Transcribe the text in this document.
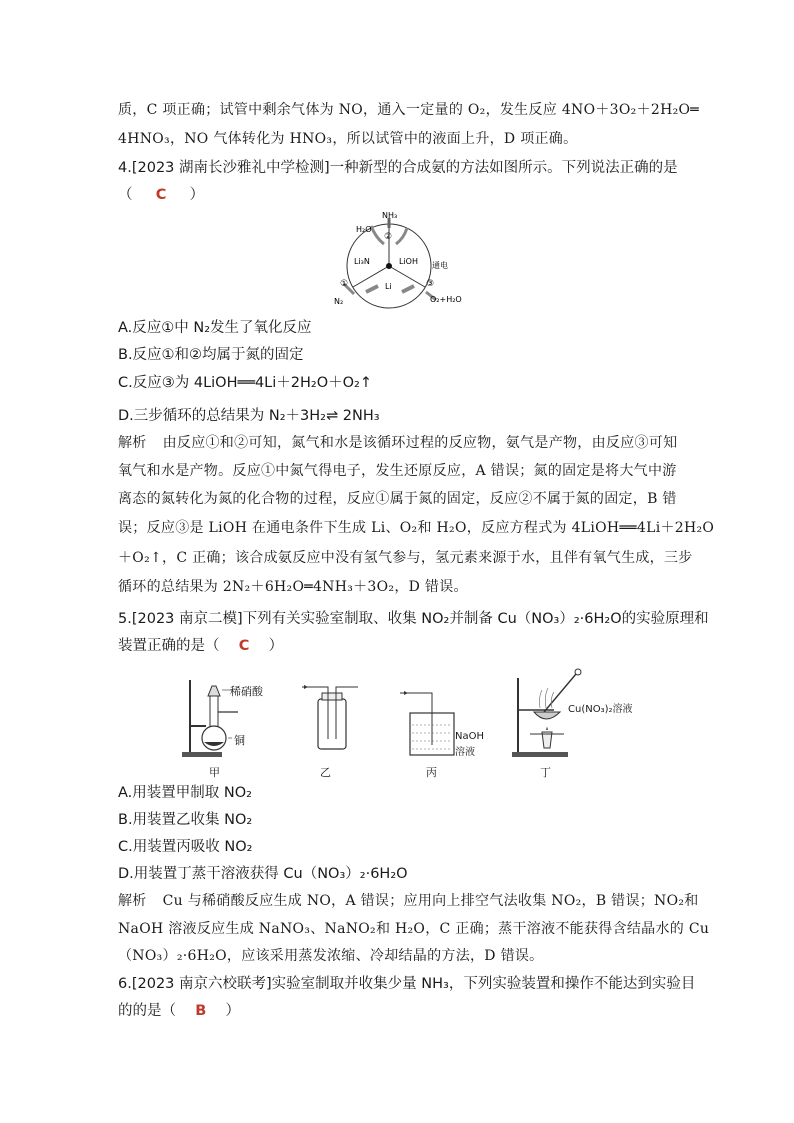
质，C 项正确；试管中剩余气体为 NO，通入一定量的 O₂，发生反应 4NO＋3O₂＋2H₂O═
4HNO₃，NO 气体转化为 HNO₃，所以试管中的液面上升，D 项正确。
4.[2023 湖南长沙雅礼中学检测]一种新型的合成氨的方法如图所示。下列说法正确的是
（ C ）
NH₃
H₂O
②
Li₃N	LiOH
Li
①	③
N₂
通电
O₂+H₂O
A.反应①中 N₂发生了氧化反应
B.反应①和②均属于氮的固定
C.反应③为 4LiOH══4Li＋2H₂O＋O₂↑
D.三步循环的总结果为 N₂＋3H₂⇌ 2NH₃
解析 由反应①和②可知，氮气和水是该循环过程的反应物，氨气是产物，由反应③可知
氧气和水是产物。反应①中氮气得电子，发生还原反应，A 错误；氮的固定是将大气中游
离态的氮转化为氮的化合物的过程，反应①属于氮的固定，反应②不属于氮的固定，B 错
误；反应③是 LiOH 在通电条件下生成 Li、O₂和 H₂O，反应方程式为 4LiOH══4Li＋2H₂O
＋O₂↑，C 正确；该合成氨反应中没有氢气参与，氢元素来源于水，且伴有氧气生成，三步
循环的总结果为 2N₂＋6H₂O═4NH₃＋3O₂，D 错误。
5.[2023 南京二模]下列有关实验室制取、收集 NO₂并制备 Cu（NO₃）₂·6H₂O的实验原理和
装置正确的是（ C ）
稀硝酸
铜	NaOH
溶液
Cu(NO₃)₂溶液
甲	乙	丙	丁
A.用装置甲制取 NO₂
B.用装置乙收集 NO₂
C.用装置丙吸收 NO₂
D.用装置丁蒸干溶液获得 Cu（NO₃）₂·6H₂O
解析 Cu 与稀硝酸反应生成 NO，A 错误；应用向上排空气法收集 NO₂，B 错误；NO₂和
NaOH 溶液反应生成 NaNO₃、NaNO₂和 H₂O，C 正确；蒸干溶液不能获得含结晶水的 Cu
（NO₃）₂·6H₂O，应该采用蒸发浓缩、冷却结晶的方法，D 错误。
6.[2023 南京六校联考]实验室制取并收集少量 NH₃，下列实验装置和操作不能达到实验目
的的是（ B ）
